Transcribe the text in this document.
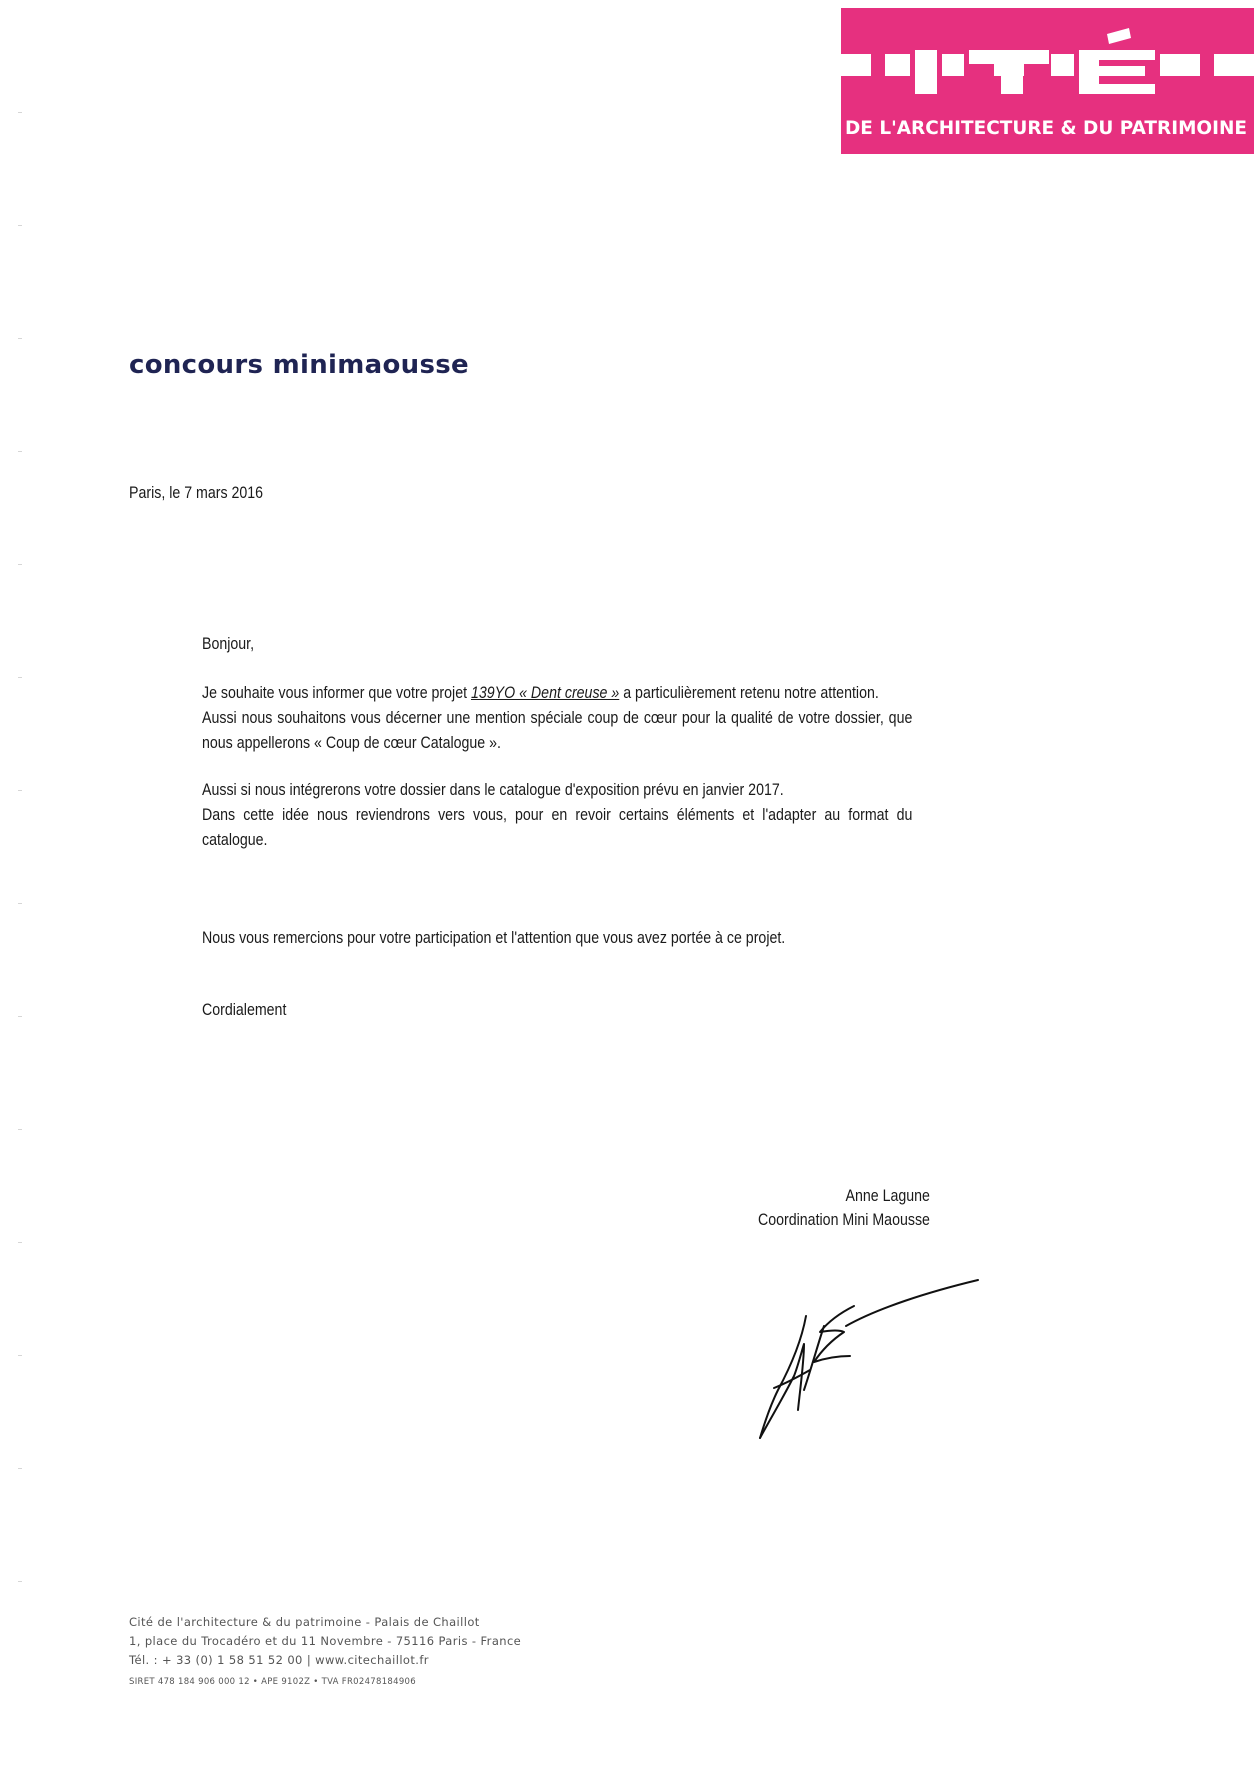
DE L'ARCHITECTURE & DU PATRIMOINE
concours minimaousse
Paris, le 7 mars 2016

Bonjour,

Je souhaite vous informer que votre projet 139YO « Dent creuse » a particulièrement retenu notre attention.
Aussi nous souhaitons vous décerner une mention spéciale coup de cœur pour la qualité de votre dossier, que
nous appellerons « Coup de cœur Catalogue ».

Aussi si nous intégrerons votre dossier dans le catalogue d'exposition prévu en janvier 2017.
Dans cette idée nous reviendrons vers vous, pour en revoir certains éléments et l'adapter au format du
catalogue.

Nous vous remercions pour votre participation et l'attention que vous avez portée à ce projet.

Cordialement

Anne Lagune
Coordination Mini Maousse
Cité de l'architecture & du patrimoine - Palais de Chaillot
1, place du Trocadéro et du 11 Novembre - 75116 Paris - France
Tél. : + 33 (0) 1 58 51 52 00 | www.citechaillot.fr
SIRET 478 184 906 000 12 • APE 9102Z • TVA FR02478184906
